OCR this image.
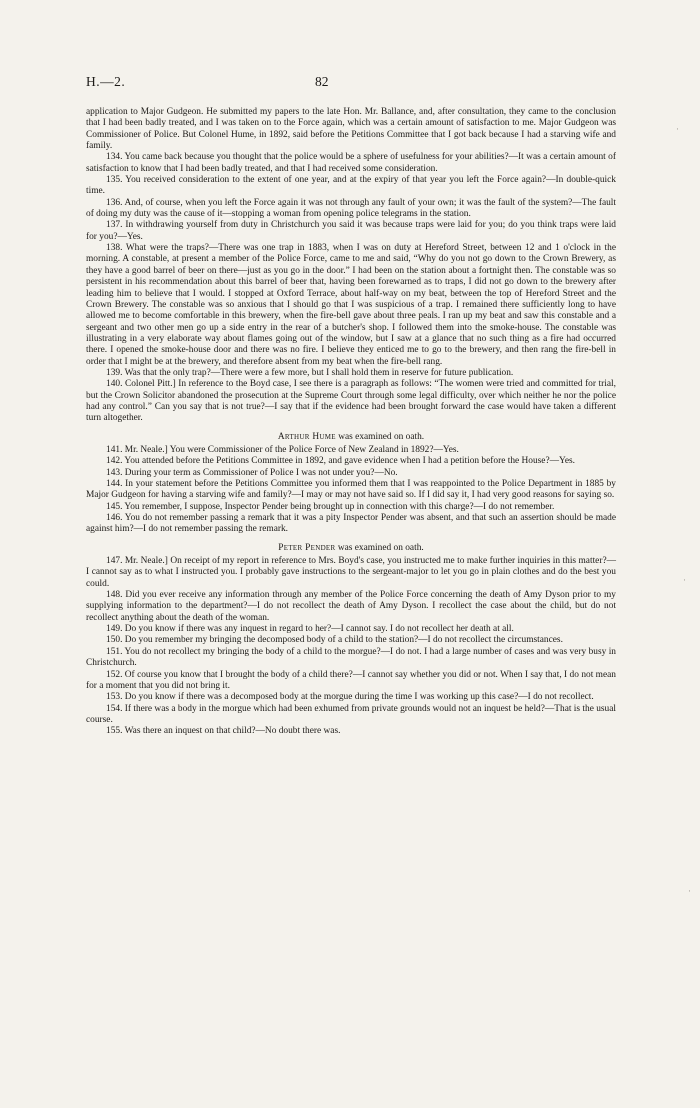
H.—2.	82

application to Major Gudgeon. He submitted my papers to the late Hon. Mr. Ballance, and, after consultation, they came to the conclusion that I had been badly treated, and I was taken on to the Force again, which was a certain amount of satisfaction to me. Major Gudgeon was Commissioner of Police. But Colonel Hume, in 1892, said before the Petitions Committee that I got back because I had a starving wife and family.

134. You came back because you thought that the police would be a sphere of usefulness for your abilities?—It was a certain amount of satisfaction to know that I had been badly treated, and that I had received some consideration.

135. You received consideration to the extent of one year, and at the expiry of that year you left the Force again?—In double-quick time.

136. And, of course, when you left the Force again it was not through any fault of your own; it was the fault of the system?—The fault of doing my duty was the cause of it—stopping a woman from opening police telegrams in the station.

137. In withdrawing yourself from duty in Christchurch you said it was because traps were laid for you; do you think traps were laid for you?—Yes.

138. What were the traps?—There was one trap in 1883, when I was on duty at Hereford Street, between 12 and 1 o'clock in the morning. A constable, at present a member of the Police Force, came to me and said, “Why do you not go down to the Crown Brewery, as they have a good barrel of beer on there—just as you go in the door.” I had been on the station about a fortnight then. The constable was so persistent in his recommendation about this barrel of beer that, having been forewarned as to traps, I did not go down to the brewery after leading him to believe that I would. I stopped at Oxford Terrace, about half-way on my beat, between the top of Hereford Street and the Crown Brewery. The constable was so anxious that I should go that I was suspicious of a trap. I remained there sufficiently long to have allowed me to become comfortable in this brewery, when the fire-bell gave about three peals. I ran up my beat and saw this constable and a sergeant and two other men go up a side entry in the rear of a butcher's shop. I followed them into the smoke-house. The constable was illustrating in a very elaborate way about flames going out of the window, but I saw at a glance that no such thing as a fire had occurred there. I opened the smoke-house door and there was no fire. I believe they enticed me to go to the brewery, and then rang the fire-bell in order that I might be at the brewery, and therefore absent from my beat when the fire-bell rang.

139. Was that the only trap?—There were a few more, but I shall hold them in reserve for future publication.

140. Colonel Pitt.] In reference to the Boyd case, I see there is a paragraph as follows: “The women were tried and committed for trial, but the Crown Solicitor abandoned the prosecution at the Supreme Court through some legal difficulty, over which neither he nor the police had any control.” Can you say that is not true?—I say that if the evidence had been brought forward the case would have taken a different turn altogether.

Arthur Hume was examined on oath.

141. Mr. Neale.] You were Commissioner of the Police Force of New Zealand in 1892?—Yes.

142. You attended before the Petitions Committee in 1892, and gave evidence when I had a petition before the House?—Yes.

143. During your term as Commissioner of Police I was not under you?—No.

144. In your statement before the Petitions Committee you informed them that I was reappointed to the Police Department in 1885 by Major Gudgeon for having a starving wife and family?—I may or may not have said so. If I did say it, I had very good reasons for saying so.

145. You remember, I suppose, Inspector Pender being brought up in connection with this charge?—I do not remember.

146. You do not remember passing a remark that it was a pity Inspector Pender was absent, and that such an assertion should be made against him?—I do not remember passing the remark.

Peter Pender was examined on oath.

147. Mr. Neale.] On receipt of my report in reference to Mrs. Boyd's case, you instructed me to make further inquiries in this matter?—I cannot say as to what I instructed you. I probably gave instructions to the sergeant-major to let you go in plain clothes and do the best you could.

148. Did you ever receive any information through any member of the Police Force concerning the death of Amy Dyson prior to my supplying information to the department?—I do not recollect the death of Amy Dyson. I recollect the case about the child, but do not recollect anything about the death of the woman.

149. Do you know if there was any inquest in regard to her?—I cannot say. I do not recollect her death at all.

150. Do you remember my bringing the decomposed body of a child to the station?—I do not recollect the circumstances.

151. You do not recollect my bringing the body of a child to the morgue?—I do not. I had a large number of cases and was very busy in Christchurch.

152. Of course you know that I brought the body of a child there?—I cannot say whether you did or not. When I say that, I do not mean for a moment that you did not bring it.

153. Do you know if there was a decomposed body at the morgue during the time I was working up this case?—I do not recollect.

154. If there was a body in the morgue which had been exhumed from private grounds would not an inquest be held?—That is the usual course.

155. Was there an inquest on that child?—No doubt there was.

·
·
·
